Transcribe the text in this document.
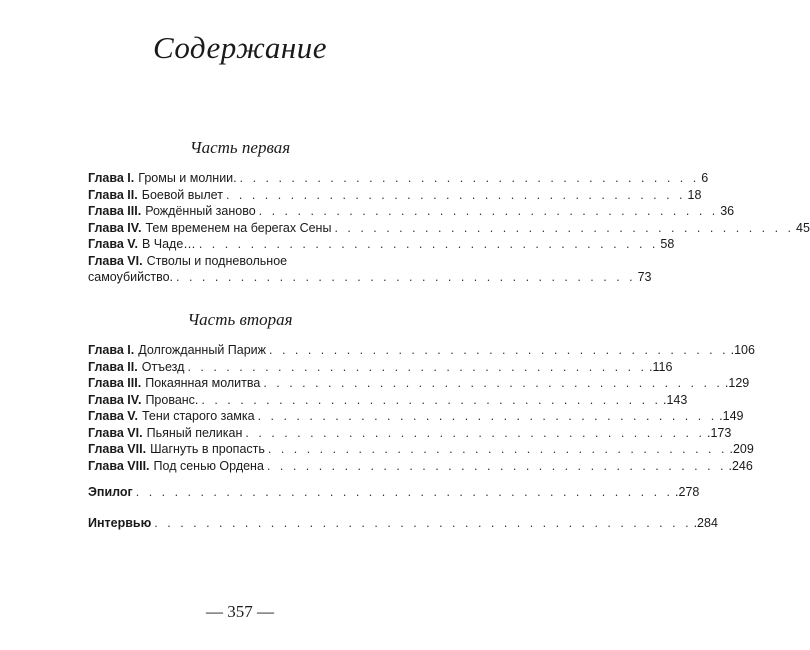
Содержание
Часть первая
Глава I. Громы и молнии. . . . . . . . . . . . . . . . . . . . . . . . . . . . . . . . . . . . . 6
Глава II. Боевой вылет . . . . . . . . . . . . . . . . . . . . . . . . . . . . . . . . . . . . 18
Глава III. Рождённый заново . . . . . . . . . . . . . . . . . . . . . . . . . . . . . . . . . . . . 36
Глава IV. Тем временем на берегах Сены . . . . . . . . . . . . . . . . . . . . . . . . . . . . . . . . . . . . 45
Глава V. В Чаде… . . . . . . . . . . . . . . . . . . . . . . . . . . . . . . . . . . . . 58
Глава VI. Стволы и подневольное
самоубийство. . . . . . . . . . . . . . . . . . . . . . . . . . . . . . . . . . . . . 73
Часть вторая
Глава I. Долгожданный Париж . . . . . . . . . . . . . . . . . . . . . . . . . . . . . . . . . . . . .106
Глава II. Отъезд . . . . . . . . . . . . . . . . . . . . . . . . . . . . . . . . . . . . .116
Глава III. Покаянная молитва . . . . . . . . . . . . . . . . . . . . . . . . . . . . . . . . . . . . .129
Глава IV. Прованс. . . . . . . . . . . . . . . . . . . . . . . . . . . . . . . . . . . . . .143
Глава V. Тени старого замка . . . . . . . . . . . . . . . . . . . . . . . . . . . . . . . . . . . . .149
Глава VI. Пьяный пеликан . . . . . . . . . . . . . . . . . . . . . . . . . . . . . . . . . . . . .173
Глава VII. Шагнуть в пропасть . . . . . . . . . . . . . . . . . . . . . . . . . . . . . . . . . . . . .209
Глава VIII. Под сенью Ордена . . . . . . . . . . . . . . . . . . . . . . . . . . . . . . . . . . . . .246
Эпилог . . . . . . . . . . . . . . . . . . . . . . . . . . . . . . . . . . . . . . . . . . .278
Интервью . . . . . . . . . . . . . . . . . . . . . . . . . . . . . . . . . . . . . . . . . . .284
— 357 —
